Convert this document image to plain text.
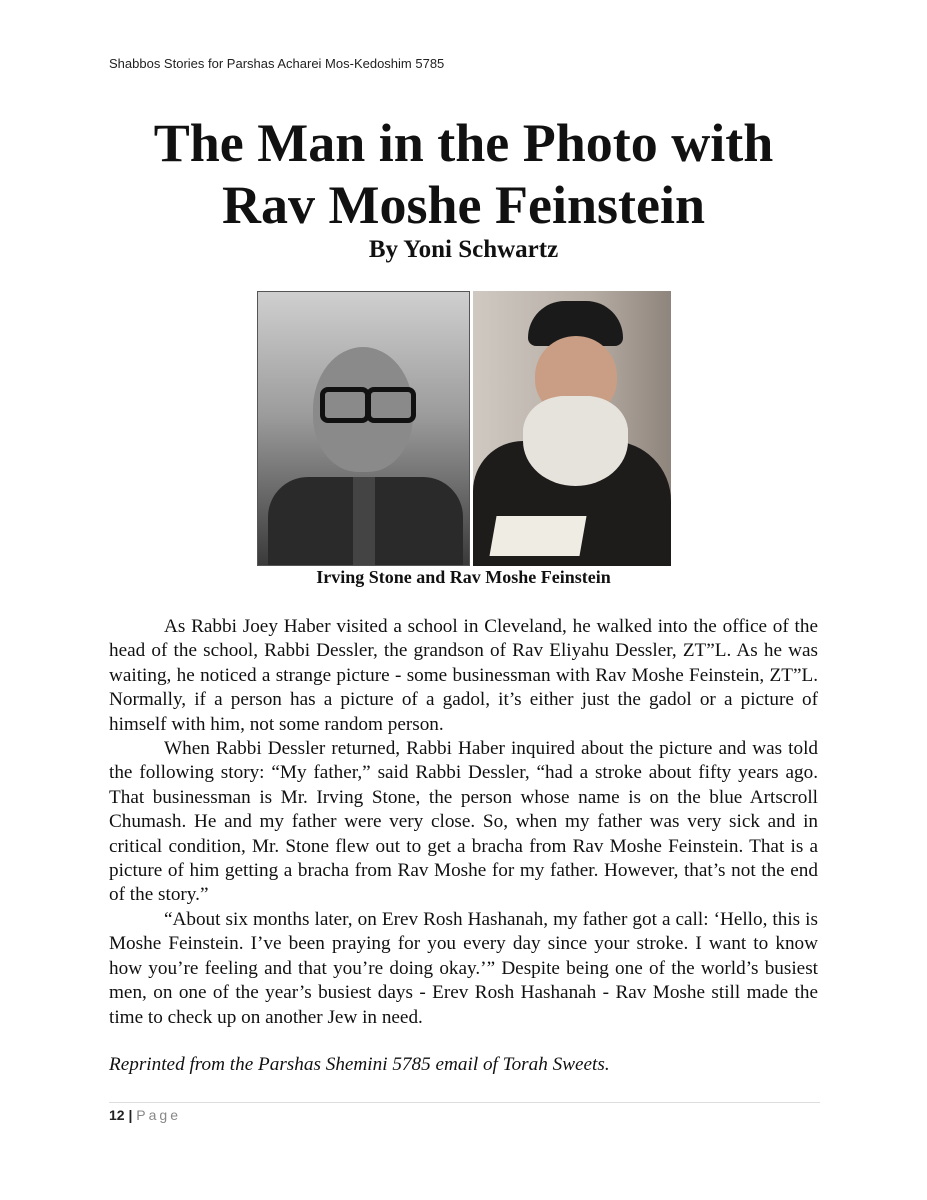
Shabbos Stories for Parshas Acharei Mos-Kedoshim 5785
The Man in the Photo with
Rav Moshe Feinstein
By Yoni Schwartz
Irving Stone and Rav Moshe Feinstein

As Rabbi Joey Haber visited a school in Cleveland, he walked into the office of the head of the school, Rabbi Dessler, the grandson of Rav Eliyahu Dessler, ZT”L. As he was waiting, he noticed a strange picture - some businessman with Rav Moshe Feinstein, ZT”L. Normally, if a person has a picture of a gadol, it’s either just the gadol or a picture of himself with him, not some random person.

When Rabbi Dessler returned, Rabbi Haber inquired about the picture and was told the following story: “My father,” said Rabbi Dessler, “had a stroke about fifty years ago. That businessman is Mr. Irving Stone, the person whose name is on the blue Artscroll Chumash. He and my father were very close. So, when my father was very sick and in critical condition, Mr. Stone flew out to get a bracha from Rav Moshe Feinstein. That is a picture of him getting a bracha from Rav Moshe for my father. However, that’s not the end of the story.”

“About six months later, on Erev Rosh Hashanah, my father got a call: ‘Hello, this is Moshe Feinstein. I’ve been praying for you every day since your stroke. I want to know how you’re feeling and that you’re doing okay.’” Despite being one of the world’s busiest men, on one of the year’s busiest days - Erev Rosh Hashanah - Rav Moshe still made the time to check up on another Jew in need.

Reprinted from the Parshas Shemini 5785 email of Torah Sweets.
12 | Page
